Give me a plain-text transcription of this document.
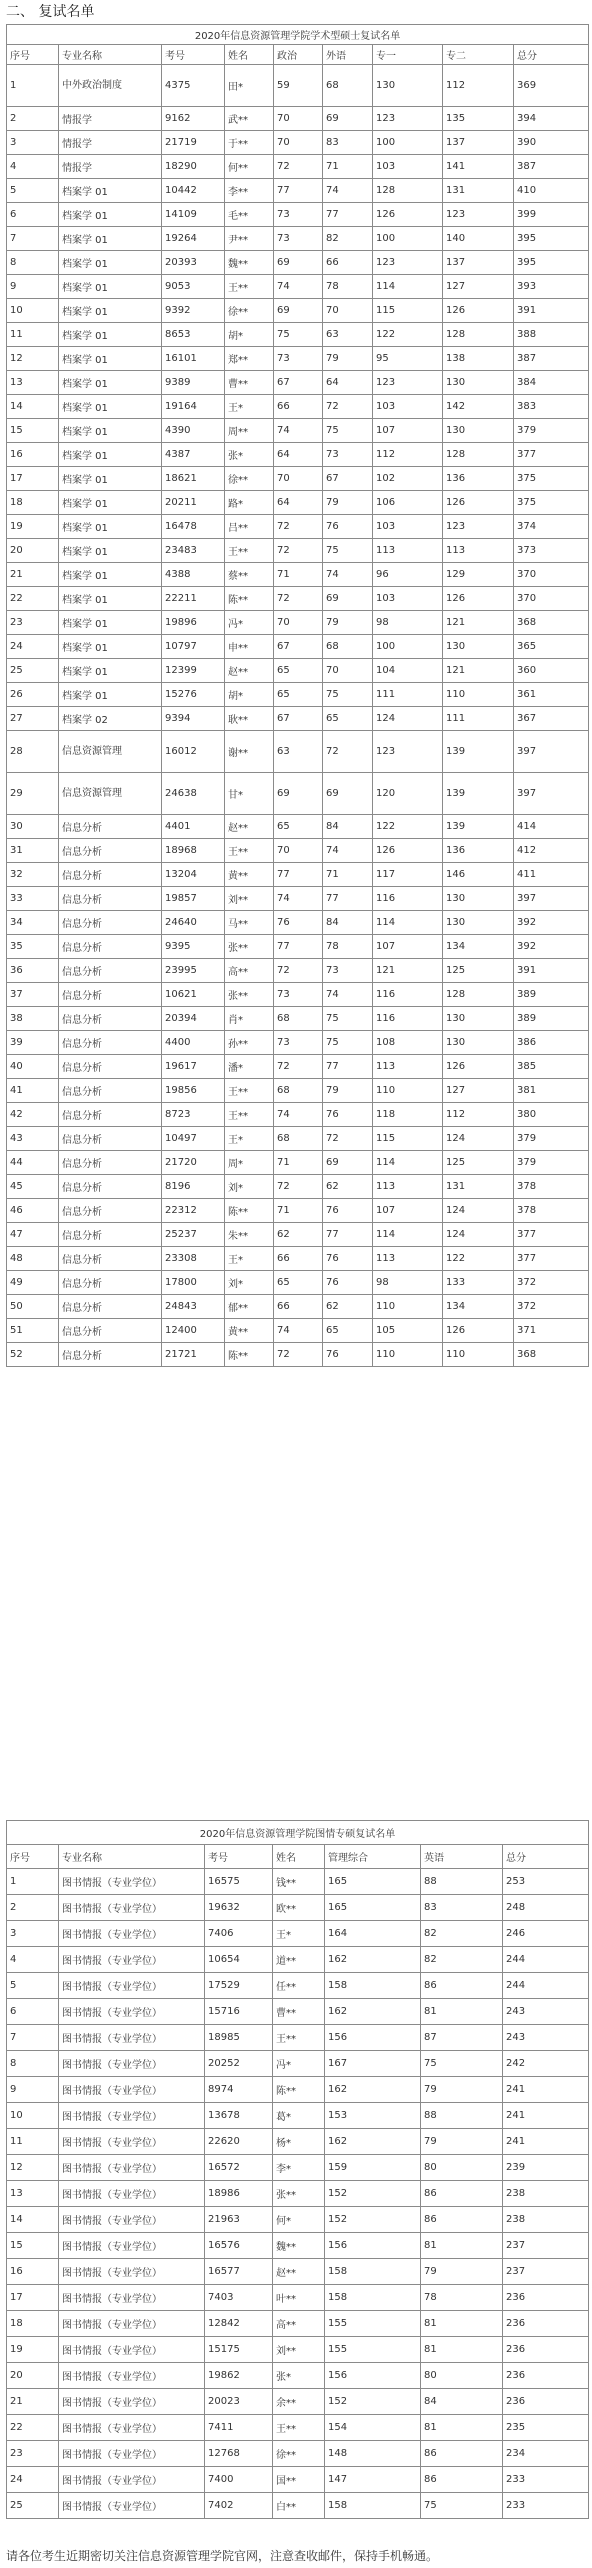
二、 复试名单
2020年信息资源管理学院学术型硕士复试名单								
序号	专业名称	考号	姓名	政治	外语	专一	专二	总分
1	中外政治制度	4375	田*	59	68	130	112	369
2	情报学	9162	武**	70	69	123	135	394
3	情报学	21719	于**	70	83	100	137	390
4	情报学	18290	何**	72	71	103	141	387
5	档案学 01	10442	李**	77	74	128	131	410
6	档案学 01	14109	毛**	73	77	126	123	399
7	档案学 01	19264	尹**	73	82	100	140	395
8	档案学 01	20393	魏**	69	66	123	137	395
9	档案学 01	9053	王**	74	78	114	127	393
10	档案学 01	9392	徐**	69	70	115	126	391
11	档案学 01	8653	胡*	75	63	122	128	388
12	档案学 01	16101	郑**	73	79	95	138	387
13	档案学 01	9389	曹**	67	64	123	130	384
14	档案学 01	19164	王*	66	72	103	142	383
15	档案学 01	4390	周**	74	75	107	130	379
16	档案学 01	4387	张*	64	73	112	128	377
17	档案学 01	18621	徐**	70	67	102	136	375
18	档案学 01	20211	路*	64	79	106	126	375
19	档案学 01	16478	吕**	72	76	103	123	374
20	档案学 01	23483	王**	72	75	113	113	373
21	档案学 01	4388	蔡**	71	74	96	129	370
22	档案学 01	22211	陈**	72	69	103	126	370
23	档案学 01	19896	冯*	70	79	98	121	368
24	档案学 01	10797	申**	67	68	100	130	365
25	档案学 01	12399	赵**	65	70	104	121	360
26	档案学 01	15276	胡*	65	75	111	110	361
27	档案学 02	9394	耿**	67	65	124	111	367
28	信息资源管理	16012	谢**	63	72	123	139	397
29	信息资源管理	24638	甘*	69	69	120	139	397
30	信息分析	4401	赵**	65	84	122	139	414
31	信息分析	18968	王**	70	74	126	136	412
32	信息分析	13204	黄**	77	71	117	146	411
33	信息分析	19857	刘**	74	77	116	130	397
34	信息分析	24640	马**	76	84	114	130	392
35	信息分析	9395	张**	77	78	107	134	392
36	信息分析	23995	高**	72	73	121	125	391
37	信息分析	10621	张**	73	74	116	128	389
38	信息分析	20394	肖*	68	75	116	130	389
39	信息分析	4400	孙**	73	75	108	130	386
40	信息分析	19617	潘*	72	77	113	126	385
41	信息分析	19856	王**	68	79	110	127	381
42	信息分析	8723	王**	74	76	118	112	380
43	信息分析	10497	王*	68	72	115	124	379
44	信息分析	21720	周*	71	69	114	125	379
45	信息分析	8196	刘*	72	62	113	131	378
46	信息分析	22312	陈**	71	76	107	124	378
47	信息分析	25237	朱**	62	77	114	124	377
48	信息分析	23308	王*	66	76	113	122	377
49	信息分析	17800	刘*	65	76	98	133	372
50	信息分析	24843	郁**	66	62	110	134	372
51	信息分析	12400	黄**	74	65	105	126	371
52	信息分析	21721	陈**	72	76	110	110	368
2020年信息资源管理学院图情专硕复试名单						
序号	专业名称	考号	姓名	管理综合	英语	总分
1	图书情报（专业学位）	16575	钱**	165	88	253
2	图书情报（专业学位）	19632	欧**	165	83	248
3	图书情报（专业学位）	7406	王*	164	82	246
4	图书情报（专业学位）	10654	道**	162	82	244
5	图书情报（专业学位）	17529	任**	158	86	244
6	图书情报（专业学位）	15716	曹**	162	81	243
7	图书情报（专业学位）	18985	王**	156	87	243
8	图书情报（专业学位）	20252	冯*	167	75	242
9	图书情报（专业学位）	8974	陈**	162	79	241
10	图书情报（专业学位）	13678	葛*	153	88	241
11	图书情报（专业学位）	22620	杨*	162	79	241
12	图书情报（专业学位）	16572	李*	159	80	239
13	图书情报（专业学位）	18986	张**	152	86	238
14	图书情报（专业学位）	21963	何*	152	86	238
15	图书情报（专业学位）	16576	魏**	156	81	237
16	图书情报（专业学位）	16577	赵**	158	79	237
17	图书情报（专业学位）	7403	叶**	158	78	236
18	图书情报（专业学位）	12842	高**	155	81	236
19	图书情报（专业学位）	15175	刘**	155	81	236
20	图书情报（专业学位）	19862	张*	156	80	236
21	图书情报（专业学位）	20023	余**	152	84	236
22	图书情报（专业学位）	7411	王**	154	81	235
23	图书情报（专业学位）	12768	徐**	148	86	234
24	图书情报（专业学位）	7400	国**	147	86	233
25	图书情报（专业学位）	7402	白**	158	75	233
请各位考生近期密切关注信息资源管理学院官网，注意查收邮件，保持手机畅通。
